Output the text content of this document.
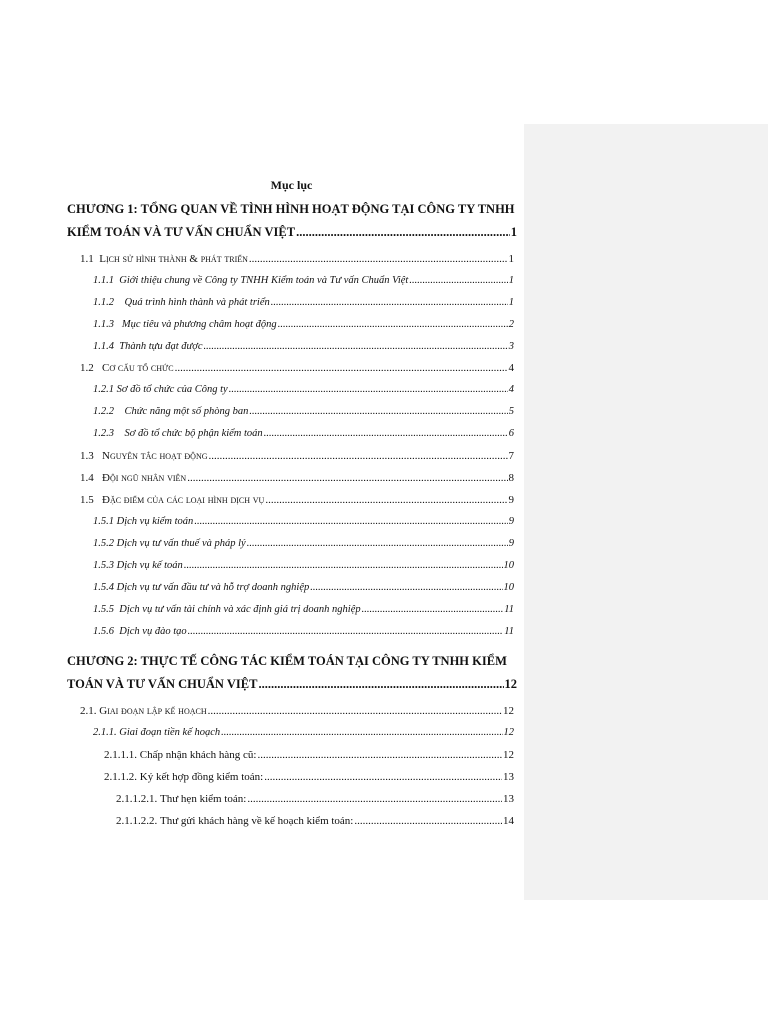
Mục lục
CHƯƠNG 1: TỔNG QUAN VỀ TÌNH HÌNH HOẠT ĐỘNG TẠI CÔNG TY TNHH
KIỂM TOÁN VÀ TƯ VẤN CHUẨN VIỆT .....	1
1.1 Lịch sử hình thành & phát triển .....	1
1.1.1 Giới thiệu chung về Công ty TNHH Kiểm toán và Tư vấn Chuẩn Việt .....	1
1.1.2 Quá trình hình thành và phát triển .....	1
1.1.3 Mục tiêu và phương châm hoạt động .....	2
1.1.4 Thành tựu đạt được .....	3
1.2 Cơ cấu tổ chức .....	4
1.2.1 Sơ đồ tổ chức của Công ty .....	4
1.2.2 Chức năng một số phòng ban .....	5
1.2.3 Sơ đồ tổ chức bộ phận kiểm toán .....	6
1.3 Nguyên tắc hoạt động .....	7
1.4 Đội ngũ nhân viên .....	8
1.5 Đặc điểm của các loại hình dịch vụ .....	9
1.5.1 Dịch vụ kiểm toán .....	9
1.5.2 Dịch vụ tư vấn thuế và pháp lý .....	9
1.5.3 Dịch vụ kế toán .....	10
1.5.4 Dịch vụ tư vấn đầu tư và hỗ trợ doanh nghiệp .....	10
1.5.5 Dịch vụ tư vấn tài chính và xác định giá trị doanh nghiệp .....	11
1.5.6 Dịch vụ đào tạo .....	11
CHƯƠNG 2: THỰC TẾ CÔNG TÁC KIỂM TOÁN TẠI CÔNG TY TNHH KIỂM
TOÁN VÀ TƯ VẤN CHUẨN VIỆT .....	12
2.1. Giai đoạn lập kế hoạch .....	12
2.1.1. Giai đoạn tiền kế hoạch .....	12
2.1.1.1. Chấp nhận khách hàng cũ: .....	12
2.1.1.2. Ký kết hợp đồng kiểm toán: .....	13
2.1.1.2.1. Thư hẹn kiểm toán: .....	13
2.1.1.2.2. Thư gửi khách hàng về kế hoạch kiểm toán: .....	14
